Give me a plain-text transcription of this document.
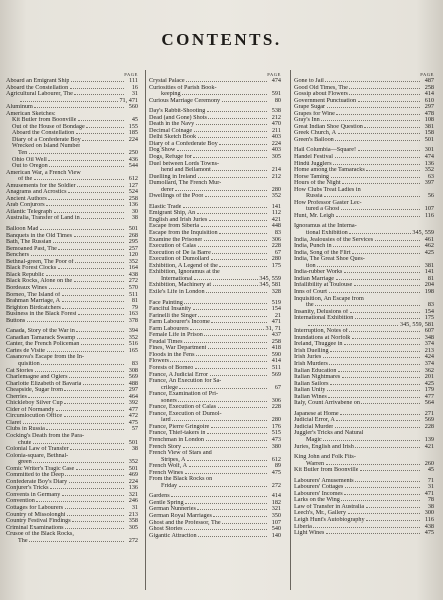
CONTENTS.
PAGE
Aboard an Emigrant Ship	111
Aboard the Constellation	16
Agricultural Labourer, The	31
71, 471
Aluminum	560
American Sketches:
Kit Butler from Boonville	45
Out of the House of Bondage	155
Aboard the Constellation	185
Diary of a Confederate Boy	224
Wrecked on Island Number
Ten	250
Ohio Oil Well	436
Out to Oregon	544
American War, a French View
of the	612
Amusements for the Soldier	127
Anagrams and Acrostics	524
Ancient Authors	258
Arab Conjurors	136
Atlantic Telegraph	30
Australia, Transfer of Land in	38
Balloon Mad	501
Banquets in the Old Times	268
Bath, The Russian	295
Bemoaned Past, The	257
Benchers	120
Bethnal-green, The Poor of	352
Black Forest Clocks	164
Black Republic	438
Black Rocks, Alone on the	272
Bordeaux Wines	570
Borneo, The Island of	511
Brahman Marriage, A	81
Brighton Birdcatchers	79
Business in the Black Forest	163
Buttons	378
Canada, Story of the War in	394
Canadian Tamarack Swamp	352
Canter, the French Policeman	516
Cartes de Visite	165
Casanova's Escape from the In-
quisition	83
Cat Stories	308
Charlemagne and Ogiers	569
Charlotte Elizabeth of Bavaria	488
Cheapside, Sugar from	297
Cherries	464
Chickleboy Silver Cup	392
Cider of Normandy	477
Circumlocution Office	472
Claret	475
Clubs in Russia	57
Cocking's Death from the Para-
chute	501
Colonial Law of Transfer	38
Colonia-square, Bethnal-
green	352
Comic Writer's Tragic Case	501
Committed to the Deep	469
Confederate Boy's Diary	224
Conjurer's Tricks	136
Convents in Germany	321
Convention	246
Cottages for Labourers	31
Country of Missolonghi	213
Country Festival Findings	358
Criminal Examinations	305
Crusoe of the Black Rocks,
The	272
PAGE
Crystal Palace	474
Curiosities of Parish Book-
keeping	591
Curious Marriage Ceremony	80
Day's Rabbit-Shooting	538
Dead (and Gone) Shots	212
Death in the Navy	470
Decimal Coinage	211
Delhi Sketch Book	403
Diary of a Confederate Boy	224
Dog Show	403
Dogs, Refuge for	305
Duel between Lords Towns-
hend and Bellamont	214
Duelling in Ireland	212
Dumollard, The French Mur-
derer	280
Dwellings of the Poor	352
Elastic Trade	141
Emigrant Ship, An	112
English and Irish Juries	421
Escape from Siberia	448
Escape from the Inquisition	83
Examine the Prisoner	306
Execution of Calas	228
Execution of De la Barre	67
Execution of Dumollard	280
Exhibition, A Legend of the	175
Exhibition, Ignoramus at the
International	345, 559
Exhibition, Machinery at	345, 581
Exile's Life in London	328
Face Painting	519
Fanciful Insanity	154
Farinelli the Singer	21
Farm Labourer's Income	471
Farm Labourers	31, 71
Female Life in Prison	437
Feudal Times	258
Fines, War Department	418
Floods in the Fens	590
Flowers	414
Forests of Borneo	511
France, A Judicial Error	569
France, An Execution for Sa-
crilege	67
France, Examination of Pri-
soners	306
France, Execution of Calas	228
France, Execution of Dumol-
lard	280
France, Pierre Gringoire	176
France, Thief-takers in	515
Frenchman in London	473
French Story	380
French View of Stars and
Stripes, A	612
French Wolf, A	89
French Wines	475
From the Black Rocks on
Friday	272
Gardens	414
Gentle Spring	182
German Nunneries	321
German Royal Marriages	350
Ghost and the Professor, The	107
Ghost Stories	540
Gigantic Attraction	140
PAGE
Gone to Jail	487
Good Old Times, The	258
Gossip about Flowers	414
Government Punctuation	610
Grape Sugar	297
Grapes for Wine	478
Gray's Inn	108
Great Indian Shoe Question	381
Greek Church, A	158
Green's Balloon	501
Hail Columbia—Square!	301
Handel Festival	474
Hindû Jugglers	136
Home among the Tamaracks	352
Horse Taming	63
Hours of the Night	397
How Clubs Treat Ladies in
Russia	56
How Professor Gaster Lec-
tured a Ghost	107
Hunt, Mr. Leigh	116
Ignoramus at the Interna-
tional Exhibition	345, 559
India, Jealousies of the Services	461
India, Punch in	462
India, Song of the Flirt	425
India, The Great Shoe Ques-
tion	381
India-rubber Works	141
Indian Marriage	81
Infallibility at Toulouse	204
Inns of Court	198
Inquisition, An Escape from
the	83
Insanity, Delusions of	154
International Exhibition	175
345, 559, 581
Interruption, Notes of	607
Inundations at Norfolk	348
Ireland, Thuggee in	374
Irish Duelling	213
Irish Juries	424
Irish Murders	374
Italian Education	362
Italian Nightmares	201
Italian Sailors	425
Italian Unity	179
Italian Wines	477
Italy, Count Arrivabene on	564
Japanese at Home	271
Judicial Error, A	569
Judicial Murder	228
Juggler's Tricks and Natural
Magic	139
Juries, English and Irish	421
King John and Folk Fits-
Warren	260
Kit Butler from Boonville	45
Labourers' Amusements	71
Labourers' Cottages	31
Labourers' Incomes	471
Larks on the Wing	78
Law of Transfer in Australia	38
Leech's, Mr., Gallery	300
Leigh Hunt's Autobiography	116
Liberia	438
Light Wines	475
